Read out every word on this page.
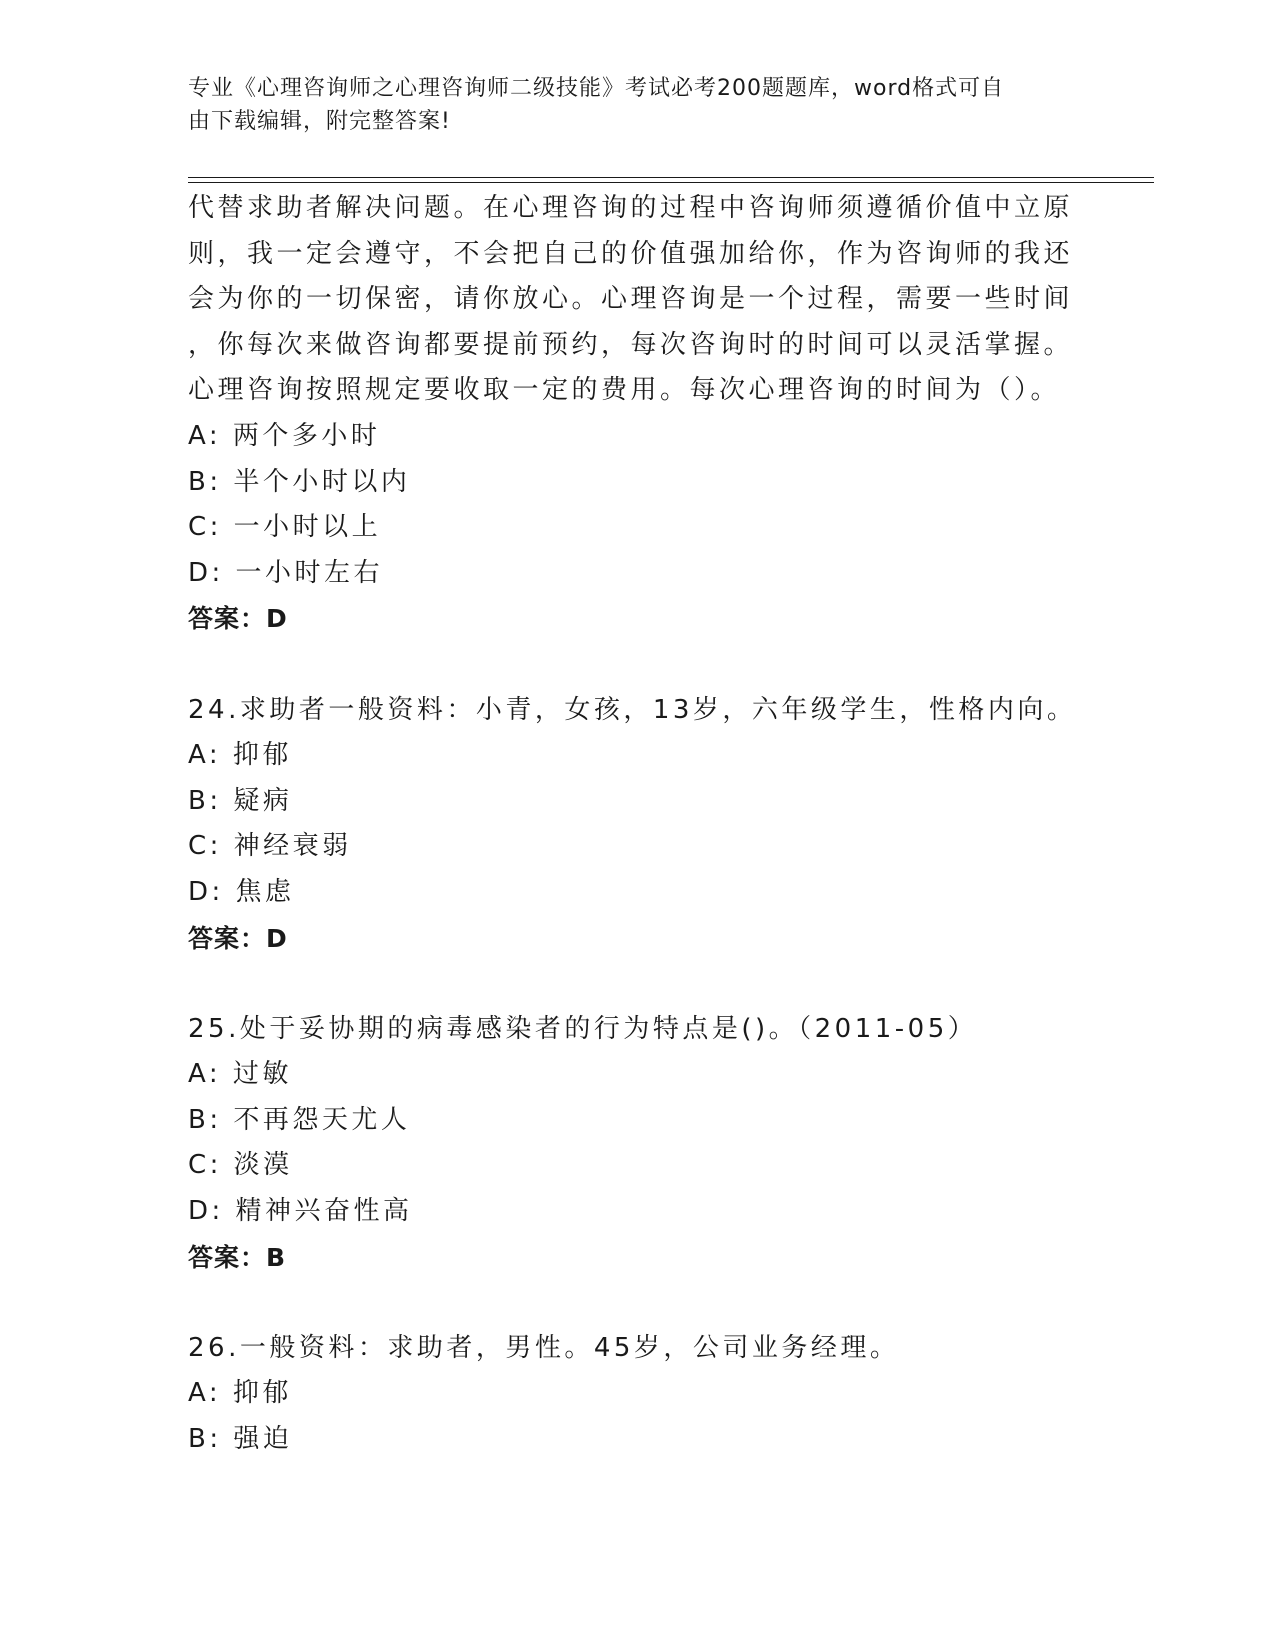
专业《心理咨询师之心理咨询师二级技能》考试必考200题题库，word格式可自
由下载编辑，附完整答案!
代替求助者解决问题。在心理咨询的过程中咨询师须遵循价值中立原
则，我一定会遵守，不会把自己的价值强加给你，作为咨询师的我还
会为你的一切保密，请你放心。心理咨询是一个过程，需要一些时间
，你每次来做咨询都要提前预约，每次咨询时的时间可以灵活掌握。
心理咨询按照规定要收取一定的费用。每次心理咨询的时间为（）。
A: 两个多小时
B: 半个小时以内
C: 一小时以上
D: 一小时左右
答案：D
24.求助者一般资料：小青，女孩，13岁，六年级学生，性格内向。
A: 抑郁
B: 疑病
C: 神经衰弱
D: 焦虑
答案：D
25.处于妥协期的病毒感染者的行为特点是()。（2011-05）
A: 过敏
B: 不再怨天尤人
C: 淡漠
D: 精神兴奋性高
答案：B
26.一般资料：求助者，男性。45岁，公司业务经理。
A: 抑郁
B: 强迫
